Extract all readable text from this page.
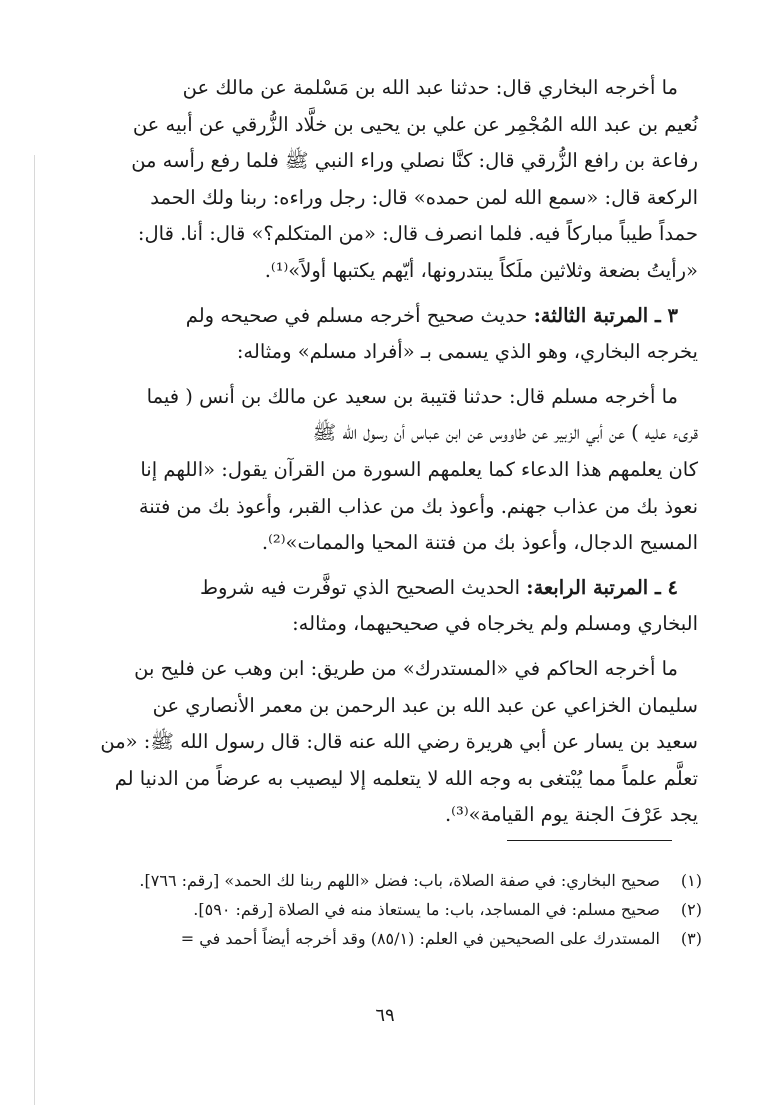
ما أخرجه البخاري قال: حدثنا عبد الله بن مَسْلمة عن مالك عن

نُعيم بن عبد الله المُجْمِر عن علي بن يحيى بن خلَّاد الزُّرقي عن أبيه عن

رفاعة بن رافع الزُّرقي قال: كنَّا نصلي وراء النبي ﷺ فلما رفع رأسه من

الركعة قال: «سمع الله لمن حمده» قال: رجل وراءه: ربنا ولك الحمد

حمداً طيباً مباركاً فيه. فلما انصرف قال: «من المتكلم؟» قال: أنا. قال:

«رأيتُ بضعة وثلاثين ملَكاً يبتدرونها، أيّهم يكتبها أولاً»⁽¹⁾.

٣ ـ المرتبة الثالثة: حديث صحيح أخرجه مسلم في صحيحه ولم

يخرجه البخاري، وهو الذي يسمى بـ «أفراد مسلم» ومثاله:

ما أخرجه مسلم قال: حدثنا قتيبة بن سعيد عن مالك بن أنس ( فيما

قرىء عليه ) عن أبي الزبير عن طاووس عن ابن عباس أن رسول الله ﷺ

كان يعلمهم هذا الدعاء كما يعلمهم السورة من القرآن يقول: «اللهم إنا

نعوذ بك من عذاب جهنم. وأعوذ بك من عذاب القبر، وأعوذ بك من فتنة

المسيح الدجال، وأعوذ بك من فتنة المحيا والممات»⁽²⁾.

٤ ـ المرتبة الرابعة: الحديث الصحيح الذي توفَّرت فيه شروط

البخاري ومسلم ولم يخرجاه في صحيحيهما، ومثاله:

ما أخرجه الحاكم في «المستدرك» من طريق: ابن وهب عن فليح بن

سليمان الخزاعي عن عبد الله بن عبد الرحمن بن معمر الأنصاري عن

سعيد بن يسار عن أبي هريرة رضي الله عنه قال: قال رسول الله ﷺ: «من

تعلَّم علماً مما يُبْتغى به وجه الله لا يتعلمه إلا ليصيب به عرضاً من الدنيا لم

يجد عَرْفَ الجنة يوم القيامة»⁽³⁾.

(١)
صحيح البخاري: في صفة الصلاة، باب: فضل «اللهم ربنا لك الحمد» [رقم: ٧٦٦].
(٢)
صحيح مسلم: في المساجد، باب: ما يستعاذ منه في الصلاة [رقم: ٥٩٠].
(٣)
المستدرك على الصحيحين في العلم: (٨٥/١) وقد أخرجه أيضاً أحمد في =
٦٩
